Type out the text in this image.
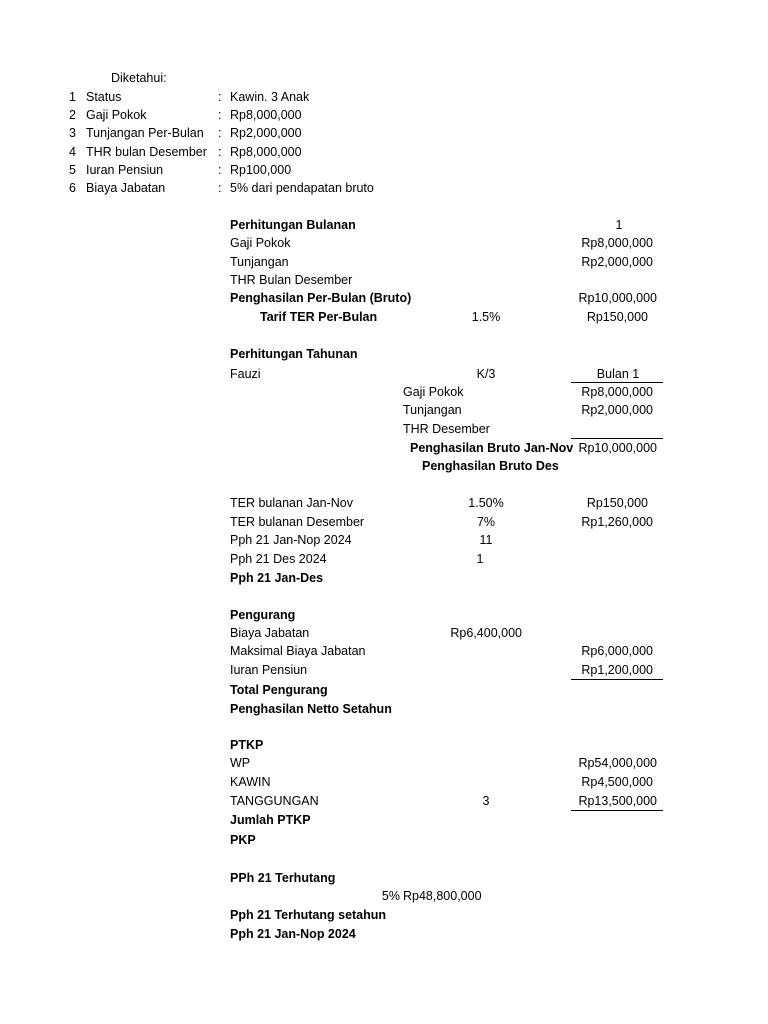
Diketahui:
1 Status	: Kawin. 3 Anak
2 Gaji Pokok	: Rp8,000,000
3 Tunjangan Per-Bulan : Rp2,000,000
4 THR bulan Desember : Rp8,000,000
5 Iuran Pensiun	: Rp100,000
6 Biaya Jabatan	: 5% dari pendapatan bruto
Perhitungan Bulanan	1
Gaji Pokok	Rp8,000,000
Tunjangan	Rp2,000,000
THR Bulan Desember
Penghasilan Per-Bulan (Bruto)	Rp10,000,000
Tarif TER Per-Bulan	1.5%	Rp150,000
Perhitungan Tahunan
Fauzi	K/3	Bulan 1
Gaji Pokok	Rp8,000,000
Tunjangan	Rp2,000,000
THR Desember
Penghasilan Bruto Jan-Nov Rp10,000,000
Penghasilan Bruto Des
TER bulanan Jan-Nov	1.50%	Rp150,000
TER bulanan Desember	7%	Rp1,260,000
Pph 21 Jan-Nop 2024	11
Pph 21 Des 2024	1
Pph 21 Jan-Des
Pengurang
Biaya Jabatan	Rp6,400,000
Maksimal Biaya Jabatan	Rp6,000,000
Iuran Pensiun	Rp1,200,000
Total Pengurang
Penghasilan Netto Setahun
PTKP
WP	Rp54,000,000
KAWIN	Rp4,500,000
TANGGUNGAN	3	Rp13,500,000
Jumlah PTKP
PKP
PPh 21 Terhutang
5% Rp48,800,000
Pph 21 Terhutang setahun
Pph 21 Jan-Nop 2024
